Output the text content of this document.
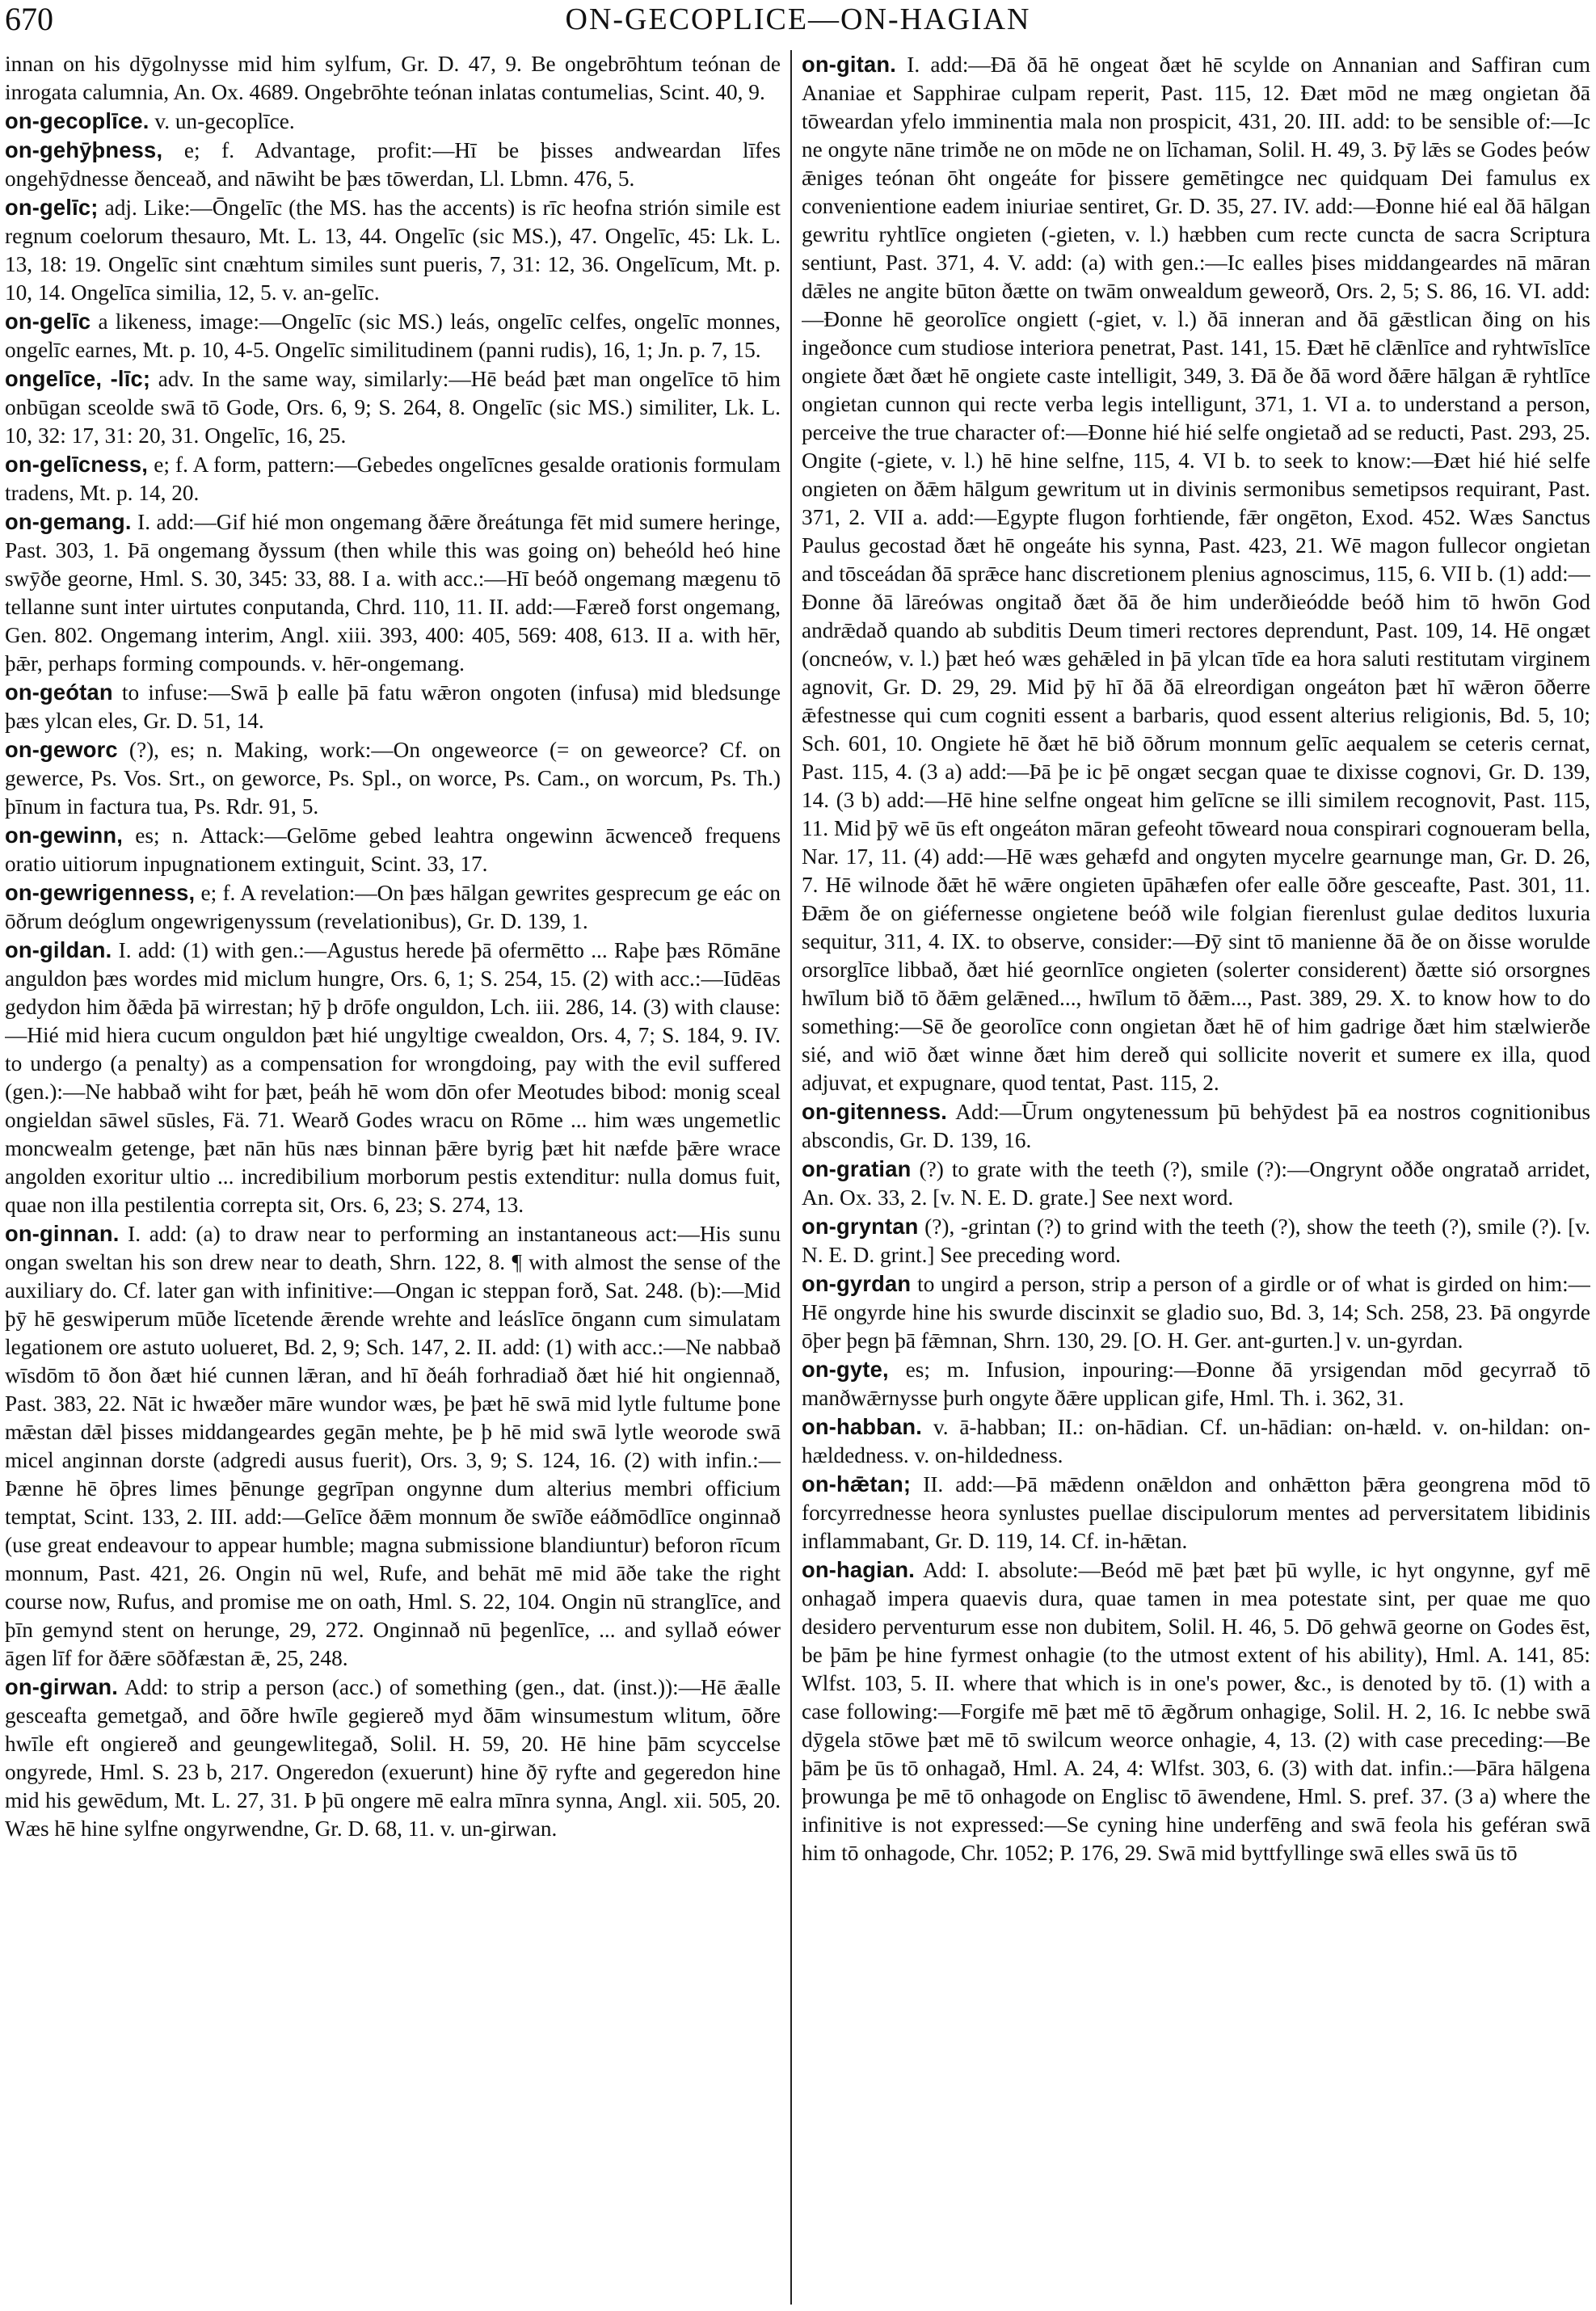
670	ON-GECOPLICE—ON-HAGIAN

innan on his dȳgolnysse mid him sylfum, Gr. D. 47, 9. Be ongebrōhtum teónan de inrogata calumnia, An. Ox. 4689. Ongebrōhte teónan inlatas contumelias, Scint. 40, 9.

on-gecoplīce. v. un-gecoplīce.

on-gehȳþness, e; f. Advantage, profit:—Hī be þisses andweardan līfes ongehȳdnesse ðenceað, and nāwiht be þæs tōwerdan, Ll. Lbmn. 476, 5.

on-gelīc; adj. Like:—Ōngelīc (the MS. has the accents) is rīc heofna strión simile est regnum coelorum thesauro, Mt. L. 13, 44. Ongelīc (sic MS.), 47. Ongelīc, 45: Lk. L. 13, 18: 19. Ongelīc sint cnæhtum similes sunt pueris, 7, 31: 12, 36. Ongelīcum, Mt. p. 10, 14. Ongelīca similia, 12, 5. v. an-gelīc.

on-gelīc a likeness, image:—Ongelīc (sic MS.) leás, ongelīc celfes, ongelīc monnes, ongelīc earnes, Mt. p. 10, 4-5. Ongelīc similitudinem (panni rudis), 16, 1; Jn. p. 7, 15.

ongelīce, -līc; adv. In the same way, similarly:—Hē beád þæt man ongelīce tō him onbūgan sceolde swā tō Gode, Ors. 6, 9; S. 264, 8. Ongelīc (sic MS.) similiter, Lk. L. 10, 32: 17, 31: 20, 31. Ongelīc, 16, 25.

on-gelīcness, e; f. A form, pattern:—Gebedes ongelīcnes gesalde orationis formulam tradens, Mt. p. 14, 20.

on-gemang. I. add:—Gif hié mon ongemang ðǣre ðreátunga fēt mid sumere heringe, Past. 303, 1. Þā ongemang ðyssum (then while this was going on) beheóld heó hine swȳðe georne, Hml. S. 30, 345: 33, 88. I a. with acc.:—Hī beóð ongemang mægenu tō tellanne sunt inter uirtutes conputanda, Chrd. 110, 11. II. add:—Færeð forst ongemang, Gen. 802. Ongemang interim, Angl. xiii. 393, 400: 405, 569: 408, 613. II a. with hēr, þǣr, perhaps forming compounds. v. hēr-ongemang.

on-geótan to infuse:—Swā þ ealle þā fatu wǣron ongoten (infusa) mid bledsunge þæs ylcan eles, Gr. D. 51, 14.

on-geworc (?), es; n. Making, work:—On ongeweorce (= on geweorce? Cf. on gewerce, Ps. Vos. Srt., on geworce, Ps. Spl., on worce, Ps. Cam., on worcum, Ps. Th.) þīnum in factura tua, Ps. Rdr. 91, 5.

on-gewinn, es; n. Attack:—Gelōme gebed leahtra ongewinn ācwenceð frequens oratio uitiorum inpugnationem extinguit, Scint. 33, 17.

on-gewrigenness, e; f. A revelation:—On þæs hālgan gewrites gesprecum ge eác on ōðrum deóglum ongewrigenyssum (revelationibus), Gr. D. 139, 1.

on-gildan. I. add: (1) with gen.:—Agustus herede þā ofermētto ... Raþe þæs Rōmāne anguldon þæs wordes mid miclum hungre, Ors. 6, 1; S. 254, 15. (2) with acc.:—Iūdēas gedydon him ðǣda þā wirrestan; hȳ þ drōfe onguldon, Lch. iii. 286, 14. (3) with clause:—Hié mid hiera cucum onguldon þæt hié ungyltige cwealdon, Ors. 4, 7; S. 184, 9. IV. to undergo (a penalty) as a compensation for wrongdoing, pay with the evil suffered (gen.):—Ne habbað wiht for þæt, þeáh hē wom dōn ofer Meotudes bibod: monig sceal ongieldan sāwel sūsles, Fä. 71. Wearð Godes wracu on Rōme ... him wæs ungemetlic moncwealm getenge, þæt nān hūs næs binnan þǣre byrig þæt hit næfde þǣre wrace angolden exoritur ultio ... incredibilium morborum pestis extenditur: nulla domus fuit, quae non illa pestilentia correpta sit, Ors. 6, 23; S. 274, 13.

on-ginnan. I. add: (a) to draw near to performing an instantaneous act:—His sunu ongan sweltan his son drew near to death, Shrn. 122, 8. ¶ with almost the sense of the auxiliary do. Cf. later gan with infinitive:—Ongan ic steppan forð, Sat. 248. (b):—Mid þȳ hē geswiperum mūðe līcetende ǣrende wrehte and leáslīce ōngann cum simulatam legationem ore astuto uolueret, Bd. 2, 9; Sch. 147, 2. II. add: (1) with acc.:—Ne nabbað wīsdōm tō ðon ðæt hié cunnen lǣran, and hī ðeáh forhradiað ðæt hié hit ongiennað, Past. 383, 22. Nāt ic hwæðer māre wundor wæs, þe þæt hē swā mid lytle fultume þone mǣstan dǣl þisses middangeardes gegān mehte, þe þ hē mid swā lytle weorode swā micel anginnan dorste (adgredi ausus fuerit), Ors. 3, 9; S. 124, 16. (2) with infin.:—Þænne hē ōþres limes þēnunge gegrīpan ongynne dum alterius membri officium temptat, Scint. 133, 2. III. add:—Gelīce ðǣm monnum ðe swīðe eáðmōdlīce onginnað (use great endeavour to appear humble; magna submissione blandiuntur) beforon rīcum monnum, Past. 421, 26. Ongin nū wel, Rufe, and behāt mē mid āðe take the right course now, Rufus, and promise me on oath, Hml. S. 22, 104. Ongin nū stranglīce, and þīn gemynd stent on herunge, 29, 272. Onginnað nū þegenlīce, ... and syllað eówer āgen līf for ðǣre sōðfæstan ǣ, 25, 248.

on-girwan. Add: to strip a person (acc.) of something (gen., dat. (inst.)):—Hē ǣalle gesceafta gemetgað, and ōðre hwīle gegiereð myd ðām winsumestum wlitum, ōðre hwīle eft ongiereð and geungewlitegað, Solil. H. 59, 20. Hē hine þām scyccelse ongyrede, Hml. S. 23 b, 217. Ongeredon (exuerunt) hine ðȳ ryfte and gegeredon hine mid his gewēdum, Mt. L. 27, 31. Þ þū ongere mē ealra mīnra synna, Angl. xii. 505, 20. Wæs hē hine sylfne ongyrwendne, Gr. D. 68, 11. v. un-girwan.

on-gitan. I. add:—Ðā ðā hē ongeat ðæt hē scylde on Annanian and Saffiran cum Ananiae et Sapphirae culpam reperit, Past. 115, 12. Ðæt mōd ne mæg ongietan ðā tōweardan yfelo imminentia mala non prospicit, 431, 20. III. add: to be sensible of:—Ic ne ongyte nāne trimðe ne on mōde ne on līchaman, Solil. H. 49, 3. Þȳ lǣs se Godes þeów ǣniges teónan ōht ongeáte for þissere gemētingce nec quidquam Dei famulus ex convenientione eadem iniuriae sentiret, Gr. D. 35, 27. IV. add:—Ðonne hié eal ðā hālgan gewritu ryhtlīce ongieten (-gieten, v. l.) hæbben cum recte cuncta de sacra Scriptura sentiunt, Past. 371, 4. V. add: (a) with gen.:—Ic ealles þises middangeardes nā māran dǣles ne angite būton ðætte on twām onwealdum geweorð, Ors. 2, 5; S. 86, 16. VI. add:—Ðonne hē georolīce ongiett (-giet, v. l.) ðā inneran and ðā gǣstlican ðing on his ingeðonce cum studiose interiora penetrat, Past. 141, 15. Ðæt hē clǣnlīce and ryhtwīslīce ongiete ðæt ðæt hē ongiete caste intelligit, 349, 3. Ðā ðe ðā word ðǣre hālgan ǣ ryhtlīce ongietan cunnon qui recte verba legis intelligunt, 371, 1. VI a. to understand a person, perceive the true character of:—Ðonne hié hié selfe ongietað ad se reducti, Past. 293, 25. Ongite (-giete, v. l.) hē hine selfne, 115, 4. VI b. to seek to know:—Ðæt hié hié selfe ongieten on ðǣm hālgum gewritum ut in divinis sermonibus semetipsos requirant, Past. 371, 2. VII a. add:—Egypte flugon forhtiende, fǣr ongēton, Exod. 452. Wæs Sanctus Paulus gecostad ðæt hē ongeáte his synna, Past. 423, 21. Wē magon fullecor ongietan and tōsceádan ðā sprǣce hanc discretionem plenius agnoscimus, 115, 6. VII b. (1) add:—Ðonne ðā lāreówas ongitað ðæt ðā ðe him underðieódde beóð him tō hwōn God andrǣdað quando ab subditis Deum timeri rectores deprendunt, Past. 109, 14. Hē ongæt (oncneów, v. l.) þæt heó wæs gehǣled in þā ylcan tīde ea hora saluti restitutam virginem agnovit, Gr. D. 29, 29. Mid þȳ hī ðā ðā elreordigan ongeáton þæt hī wǣron ōðerre ǣfestnesse qui cum cogniti essent a barbaris, quod essent alterius religionis, Bd. 5, 10; Sch. 601, 10. Ongiete hē ðæt hē bið ōðrum monnum gelīc aequalem se ceteris cernat, Past. 115, 4. (3 a) add:—Þā þe ic þē ongæt secgan quae te dixisse cognovi, Gr. D. 139, 14. (3 b) add:—Hē hine selfne ongeat him gelīcne se illi similem recognovit, Past. 115, 11. Mid þȳ wē ūs eft ongeáton māran gefeoht tōweard noua conspirari cognoueram bella, Nar. 17, 11. (4) add:—Hē wæs gehæfd and ongyten mycelre gearnunge man, Gr. D. 26, 7. Hē wilnode ðǣt hē wǣre ongieten ūpāhæfen ofer ealle ōðre gesceafte, Past. 301, 11. Ðǣm ðe on giéfernesse ongietene beóð wile folgian fierenlust gulae deditos luxuria sequitur, 311, 4. IX. to observe, consider:—Ðȳ sint tō manienne ðā ðe on ðisse worulde orsorglīce libbað, ðæt hié geornlīce ongieten (solerter considerent) ðætte sió orsorgnes hwīlum bið tō ðǣm gelǣned..., hwīlum tō ðǣm..., Past. 389, 29. X. to know how to do something:—Sē ðe georolīce conn ongietan ðæt hē of him gadrige ðæt him stælwierðe sié, and wiō ðæt winne ðæt him dereð qui sollicite noverit et sumere ex illa, quod adjuvat, et expugnare, quod tentat, Past. 115, 2.

on-gitenness. Add:—Ūrum ongytenessum þū behȳdest þā ea nostros cognitionibus abscondis, Gr. D. 139, 16.

on-gratian (?) to grate with the teeth (?), smile (?):—Ongrynt oððe ongratað arridet, An. Ox. 33, 2. [v. N. E. D. grate.] See next word.

on-gryntan (?), -grintan (?) to grind with the teeth (?), show the teeth (?), smile (?). [v. N. E. D. grint.] See preceding word.

on-gyrdan to ungird a person, strip a person of a girdle or of what is girded on him:—Hē ongyrde hine his swurde discinxit se gladio suo, Bd. 3, 14; Sch. 258, 23. Þā ongyrde ōþer þegn þā fǣmnan, Shrn. 130, 29. [O. H. Ger. ant-gurten.] v. un-gyrdan.

on-gyte, es; m. Infusion, inpouring:—Ðonne ðā yrsigendan mōd gecyrrað tō manðwǣrnysse þurh ongyte ðǣre upplican gife, Hml. Th. i. 362, 31.

on-habban. v. ā-habban; II.: on-hādian. Cf. un-hādian: on-hæld. v. on-hildan: on-hældedness. v. on-hildedness.

on-hǣtan; II. add:—Þā mǣdenn onǣldon and onhǣtton þǣra geongrena mōd tō forcyrrednesse heora synlustes puellae discipulorum mentes ad perversitatem libidinis inflammabant, Gr. D. 119, 14. Cf. in-hǣtan.

on-hagian. Add: I. absolute:—Beód mē þæt þæt þū wylle, ic hyt ongynne, gyf mē onhagað impera quaevis dura, quae tamen in mea potestate sint, per quae me quo desidero perventurum esse non dubitem, Solil. H. 46, 5. Dō gehwā georne on Godes ēst, be þām þe hine fyrmest onhagie (to the utmost extent of his ability), Hml. A. 141, 85: Wlfst. 103, 5. II. where that which is in one's power, &c., is denoted by tō. (1) with a case following:—Forgife mē þæt mē tō ǣgðrum onhagige, Solil. H. 2, 16. Ic nebbe swā dȳgela stōwe þæt mē tō swilcum weorce onhagie, 4, 13. (2) with case preceding:—Be þām þe ūs tō onhagað, Hml. A. 24, 4: Wlfst. 303, 6. (3) with dat. infin.:—Þāra hālgena þrowunga þe mē tō onhagode on Englisc tō āwendene, Hml. S. pref. 37. (3 a) where the infinitive is not expressed:—Se cyning hine underfēng and swā feola his geféran swā him tō onhagode, Chr. 1052; P. 176, 29. Swā mid byttfyllinge swā elles swā ūs tō
